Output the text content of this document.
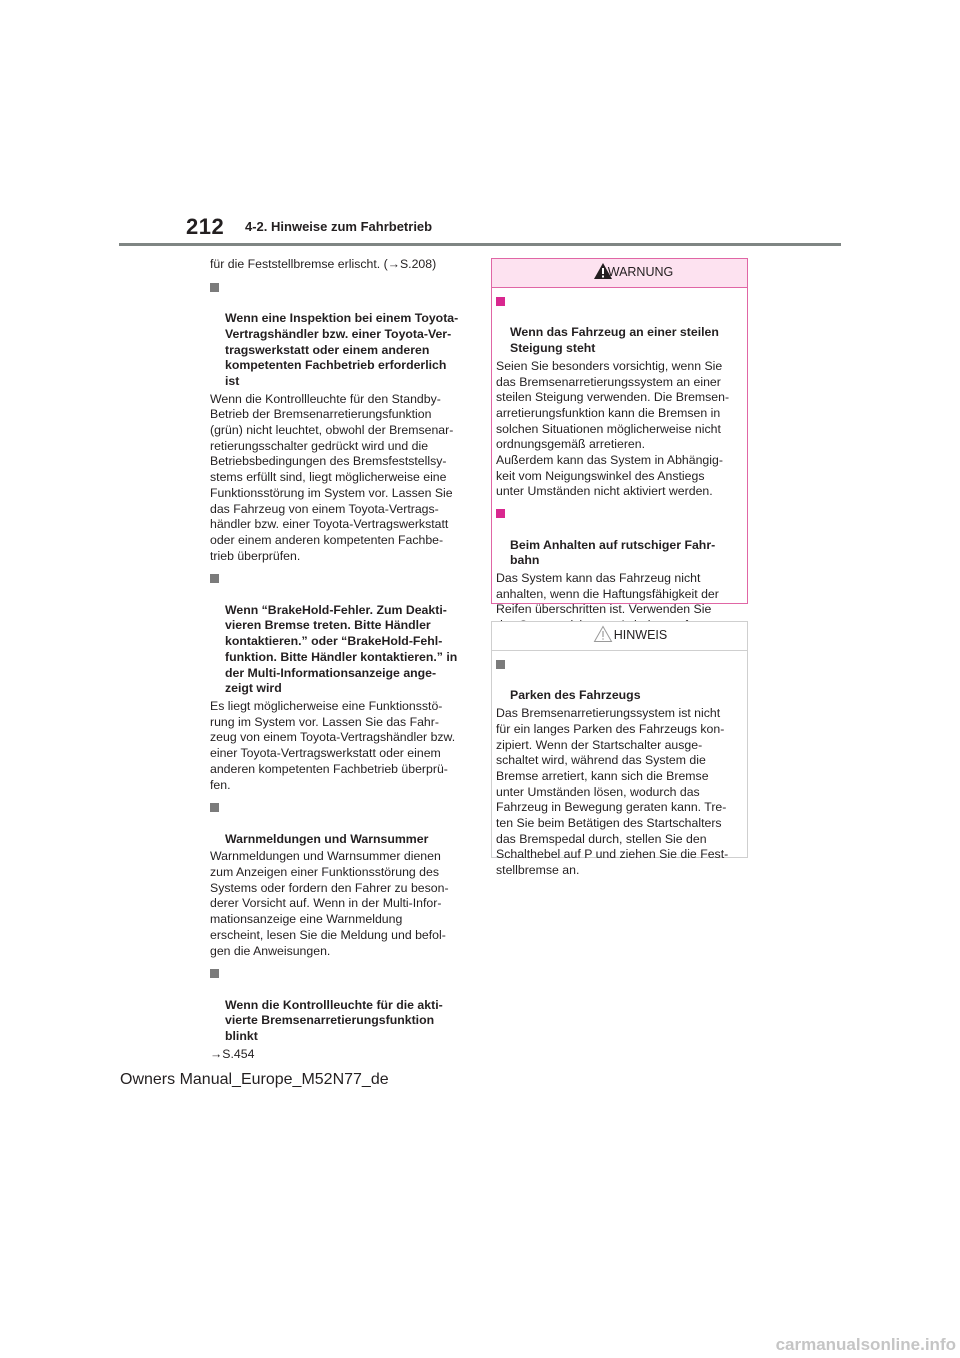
212 4-2. Hinweise zum Fahrbetrieb

für die Feststellbremse erlischt. (→S.208)

Wenn eine Inspektion bei einem Toyota-
Vertragshändler bzw. einer Toyota-Ver-
tragswerkstatt oder einem anderen
kompetenten Fachbetrieb erforderlich
ist

Wenn die Kontrollleuchte für den Standby-
Betrieb der Bremsenarretierungsfunktion
(grün) nicht leuchtet, obwohl der Bremsenar-
retierungsschalter gedrückt wird und die
Betriebsbedingungen des Bremsfeststellsy-
stems erfüllt sind, liegt möglicherweise eine
Funktionsstörung im System vor. Lassen Sie
das Fahrzeug von einem Toyota-Vertrags-
händler bzw. einer Toyota-Vertragswerkstatt
oder einem anderen kompetenten Fachbe-
trieb überprüfen.

Wenn “BrakeHold-Fehler. Zum Deakti-
vieren Bremse treten. Bitte Händler
kontaktieren.” oder “BrakeHold-Fehl-
funktion. Bitte Händler kontaktieren.” in
der Multi-Informationsanzeige ange-
zeigt wird

Es liegt möglicherweise eine Funktionsstö-
rung im System vor. Lassen Sie das Fahr-
zeug von einem Toyota-Vertragshändler bzw.
einer Toyota-Vertragswerkstatt oder einem
anderen kompetenten Fachbetrieb überprü-
fen.

Warnmeldungen und Warnsummer

Warnmeldungen und Warnsummer dienen
zum Anzeigen einer Funktionsstörung des
Systems oder fordern den Fahrer zu beson-
derer Vorsicht auf. Wenn in der Multi-Infor-
mationsanzeige eine Warnmeldung
erscheint, lesen Sie die Meldung und befol-
gen die Anweisungen.

Wenn die Kontrollleuchte für die akti-
vierte Bremsenarretierungsfunktion
blinkt

→S.454

WARNUNG

Wenn das Fahrzeug an einer steilen
Steigung steht

Seien Sie besonders vorsichtig, wenn Sie
das Bremsenarretierungssystem an einer
steilen Steigung verwenden. Die Bremsen-
arretierungsfunktion kann die Bremsen in
solchen Situationen möglicherweise nicht
ordnungsgemäß arretieren.
Außerdem kann das System in Abhängig-
keit vom Neigungswinkel des Anstiegs
unter Umständen nicht aktiviert werden.

Beim Anhalten auf rutschiger Fahr-
bahn

Das System kann das Fahrzeug nicht
anhalten, wenn die Haftungsfähigkeit der
Reifen überschritten ist. Verwenden Sie

HINWEIS

Parken des Fahrzeugs

Das Bremsenarretierungssystem ist nicht
für ein langes Parken des Fahrzeugs kon-
zipiert. Wenn der Startschalter ausge-
schaltet wird, während das System die
Bremse arretiert, kann sich die Bremse
unter Umständen lösen, wodurch das
Fahrzeug in Bewegung geraten kann. Tre-
ten Sie beim Betätigen des Startschalters
das Bremspedal durch, stellen Sie den
Schalthebel auf P und ziehen Sie die Fest-
stellbremse an.

Owners Manual_Europe_M52N77_de
carmanualsonline.info
